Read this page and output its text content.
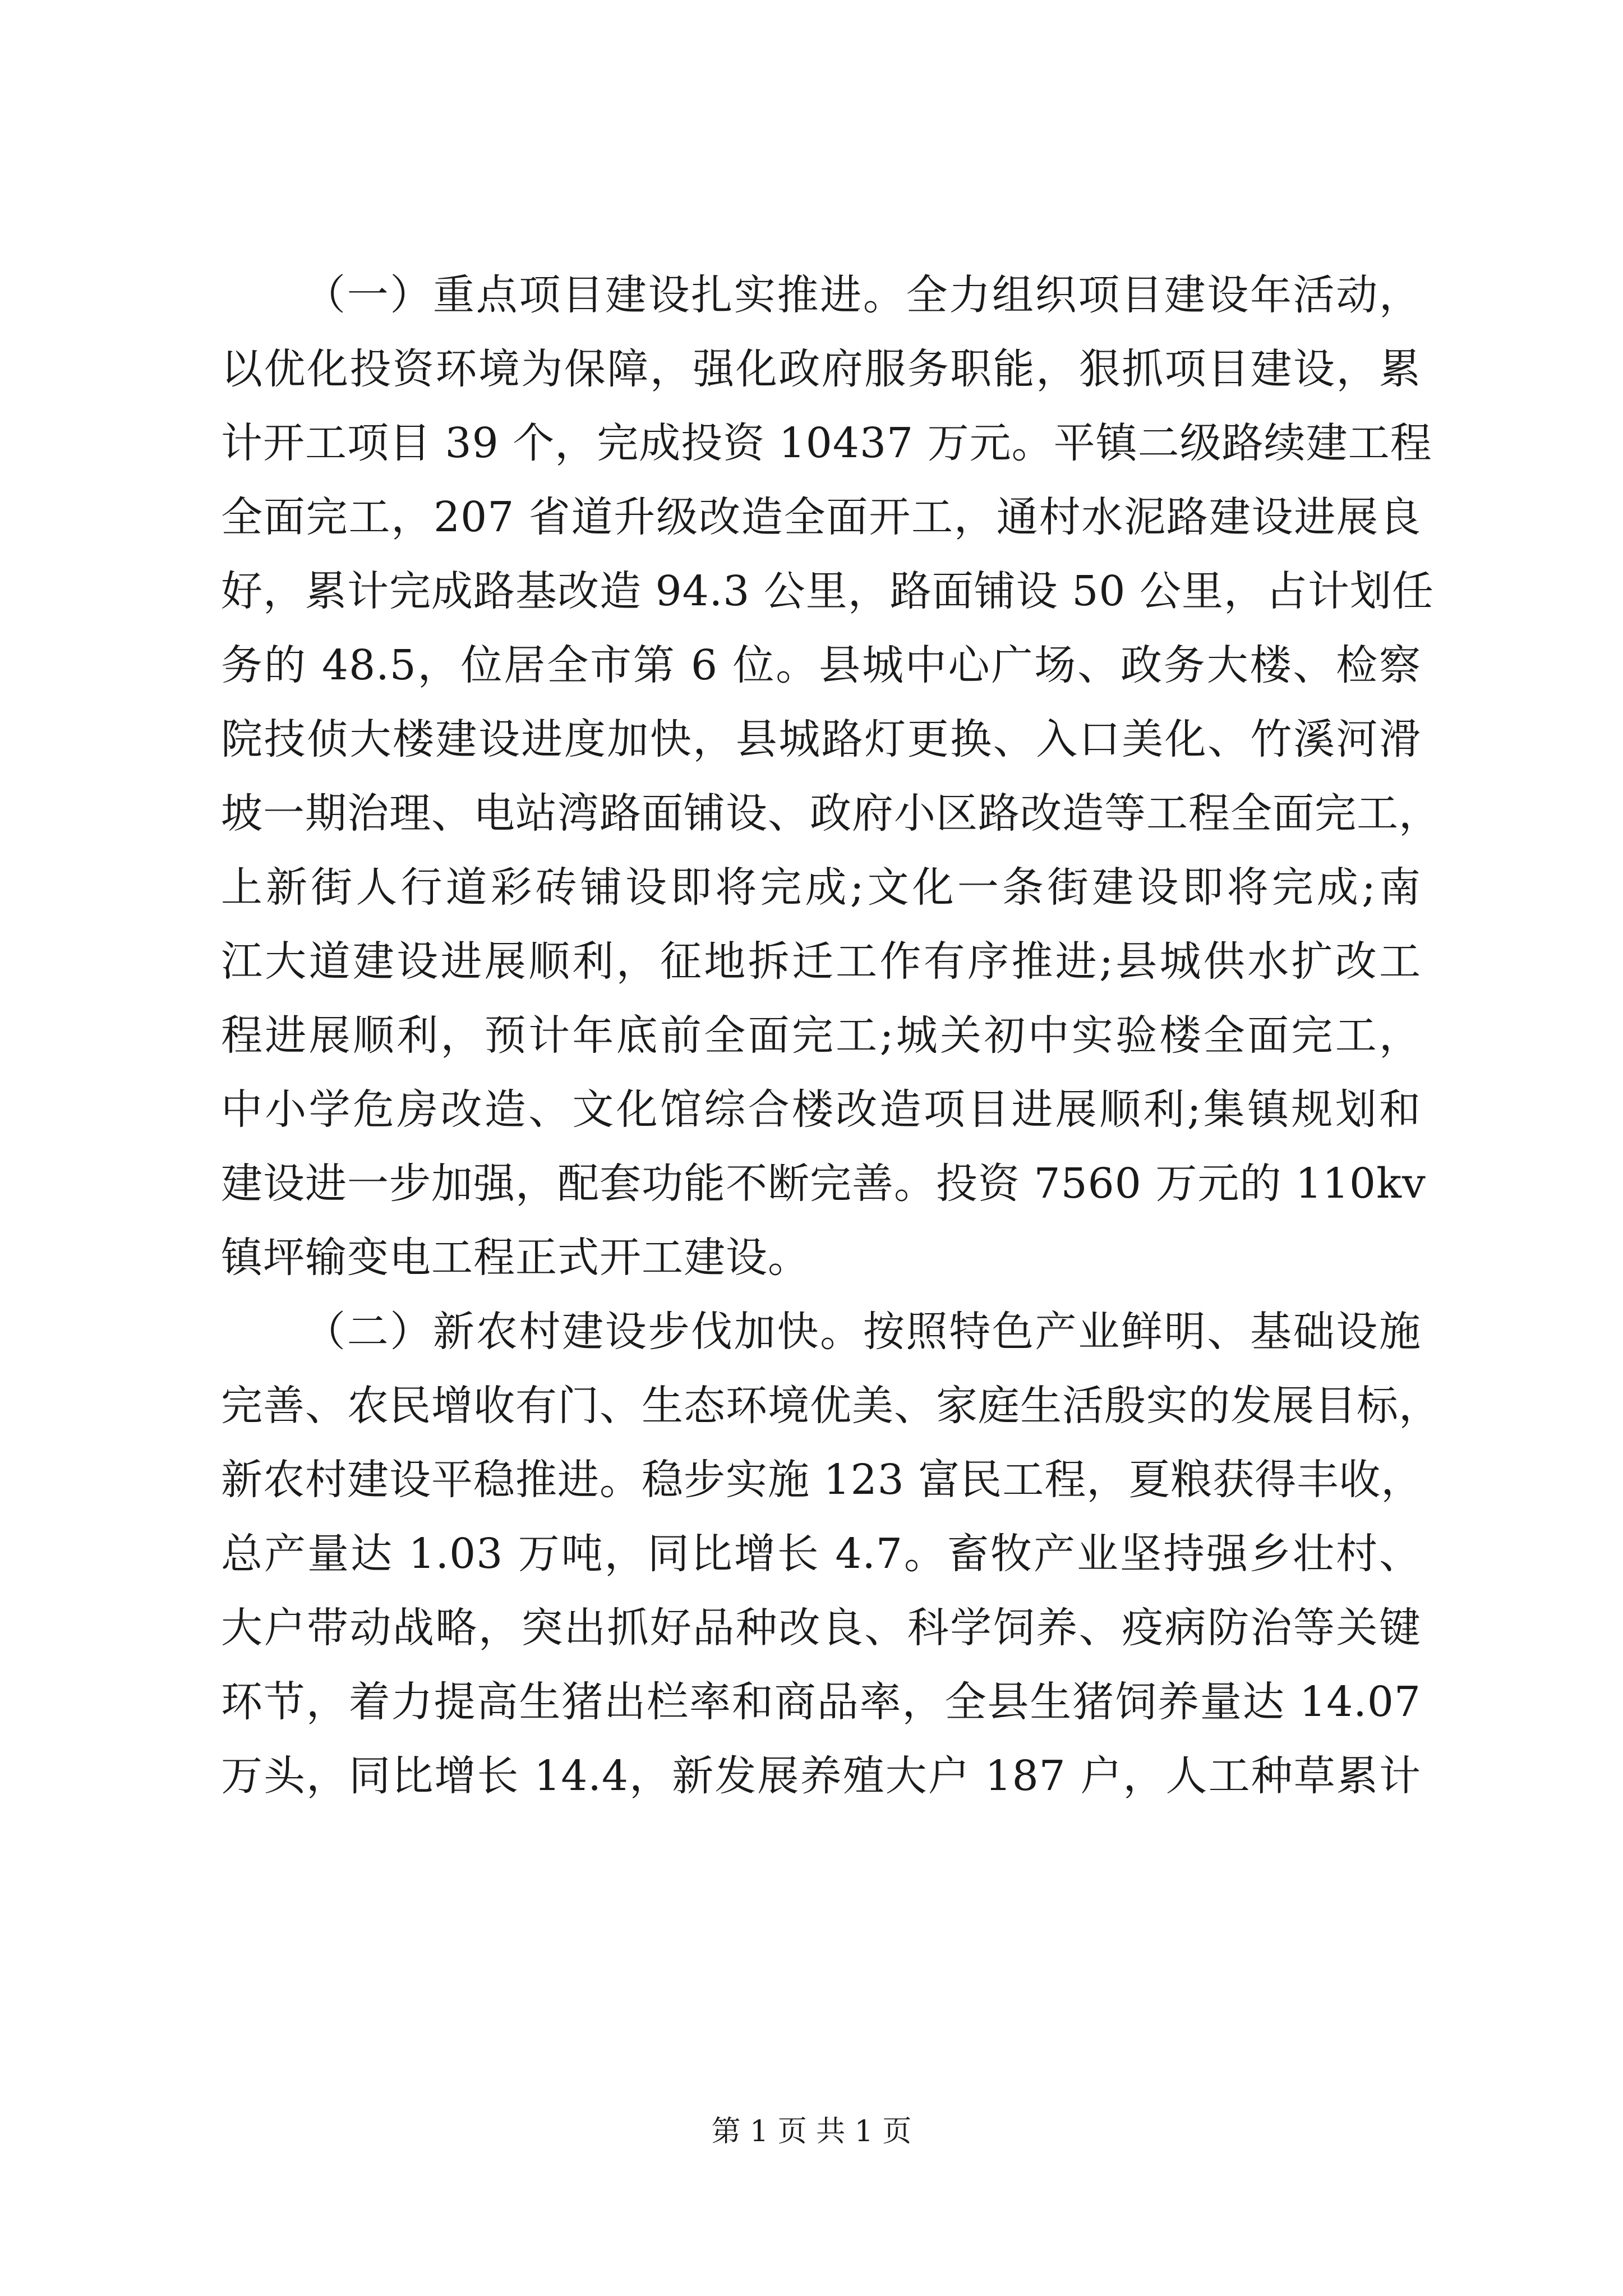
（一）重点项目建设扎实推进。全力组织项目建设年活动，
以优化投资环境为保障，强化政府服务职能，狠抓项目建设，累
计开工项目 39 个，完成投资 10437 万元。平镇二级路续建工程
全面完工，207 省道升级改造全面开工，通村水泥路建设进展良
好，累计完成路基改造 94.3 公里，路面铺设 50 公里，占计划任
务的 48.5，位居全市第 6 位。县城中心广场、政务大楼、检察
院技侦大楼建设进度加快，县城路灯更换、入口美化、竹溪河滑
坡一期治理、电站湾路面铺设、政府小区路改造等工程全面完工，
上新街人行道彩砖铺设即将完成;文化一条街建设即将完成;南
江大道建设进展顺利，征地拆迁工作有序推进;县城供水扩改工
程进展顺利，预计年底前全面完工;城关初中实验楼全面完工，
中小学危房改造、文化馆综合楼改造项目进展顺利;集镇规划和
建设进一步加强，配套功能不断完善。投资 7560 万元的 110kv
镇坪输变电工程正式开工建设。
（二）新农村建设步伐加快。按照特色产业鲜明、基础设施
完善、农民增收有门、生态环境优美、家庭生活殷实的发展目标，
新农村建设平稳推进。稳步实施 123 富民工程，夏粮获得丰收，
总产量达 1.03 万吨，同比增长 4.7。畜牧产业坚持强乡壮村、
大户带动战略，突出抓好品种改良、科学饲养、疫病防治等关键
环节，着力提高生猪出栏率和商品率，全县生猪饲养量达 14.07
万头，同比增长 14.4，新发展养殖大户 187 户，人工种草累计
第 1 页 共 1 页
